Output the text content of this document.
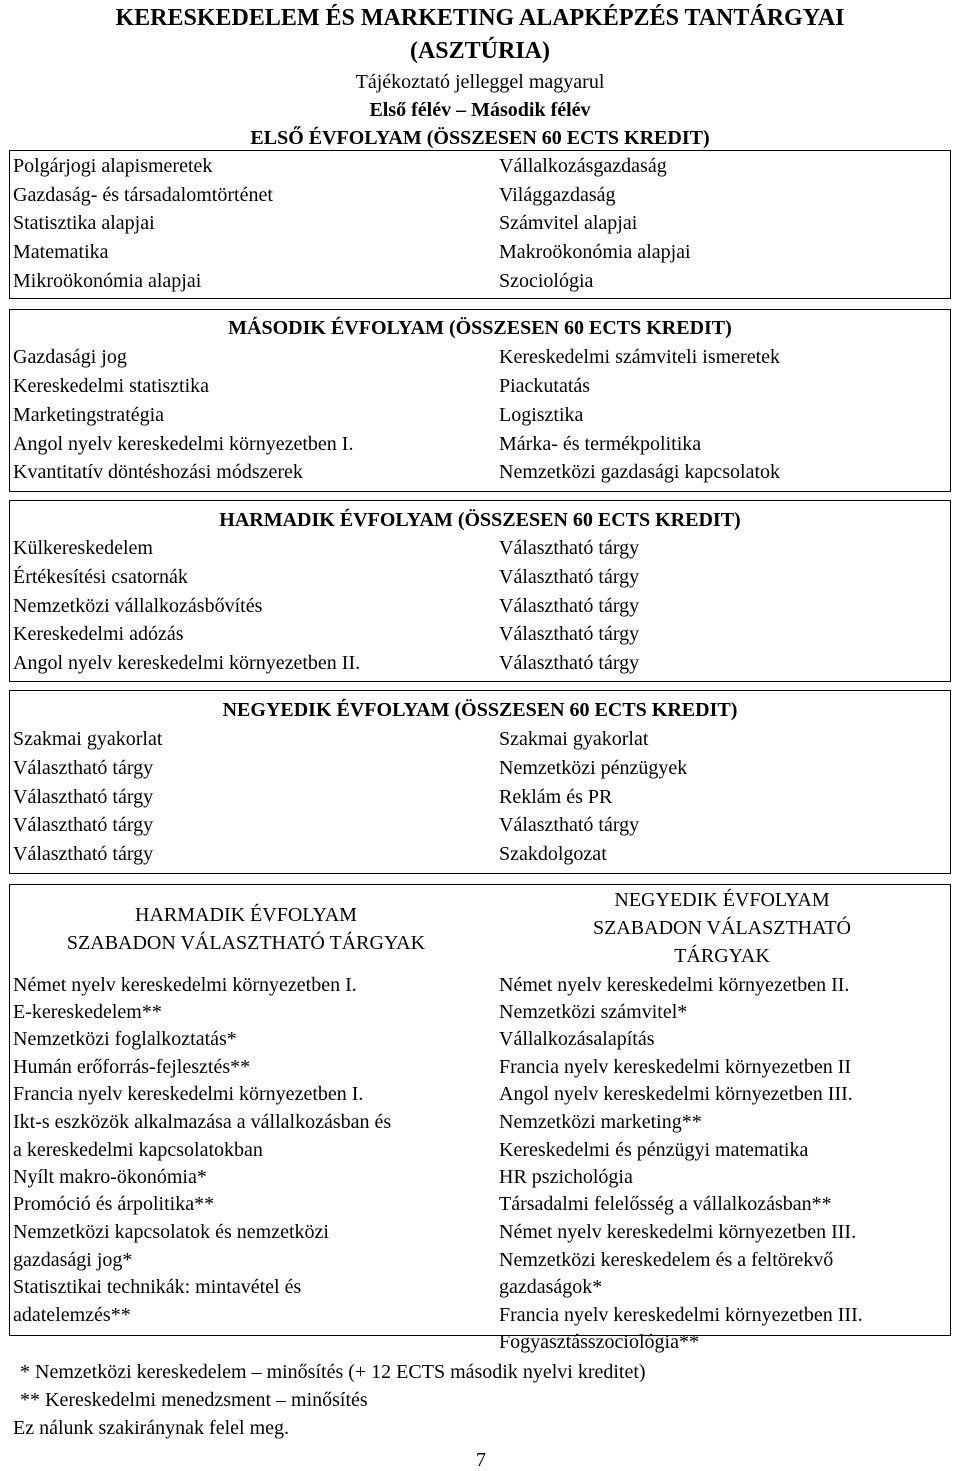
KERESKEDELEM ÉS MARKETING ALAPKÉPZÉS TANTÁRGYAI
(ASZTÚRIA)
Tájékoztató jelleggel magyarul
Első félév – Második félév
ELSŐ ÉVFOLYAM (ÖSSZESEN 60 ECTS KREDIT)
Polgárjogi alapismeretek
Gazdaság- és társadalomtörténet
Statisztika alapjai
Matematika
Mikroökonómia alapjai
Vállalkozásgazdaság
Világgazdaság
Számvitel alapjai
Makroökonómia alapjai
Szociológia
MÁSODIK ÉVFOLYAM (ÖSSZESEN 60 ECTS KREDIT)
Gazdasági jog
Kereskedelmi statisztika
Marketingstratégia
Angol nyelv kereskedelmi környezetben I.
Kvantitatív döntéshozási módszerek
Kereskedelmi számviteli ismeretek
Piackutatás
Logisztika
Márka- és termékpolitika
Nemzetközi gazdasági kapcsolatok
HARMADIK ÉVFOLYAM (ÖSSZESEN 60 ECTS KREDIT)
Külkereskedelem
Értékesítési csatornák
Nemzetközi vállalkozásbővítés
Kereskedelmi adózás
Angol nyelv kereskedelmi környezetben II.
Választható tárgy
Választható tárgy
Választható tárgy
Választható tárgy
Választható tárgy
NEGYEDIK ÉVFOLYAM (ÖSSZESEN 60 ECTS KREDIT)
Szakmai gyakorlat
Választható tárgy
Választható tárgy
Választható tárgy
Választható tárgy
Szakmai gyakorlat
Nemzetközi pénzügyek
Reklám és PR
Választható tárgy
Szakdolgozat
HARMADIK ÉVFOLYAM
SZABADON VÁLASZTHATÓ TÁRGYAK
NEGYEDIK ÉVFOLYAM
SZABADON VÁLASZTHATÓ
TÁRGYAK
Német nyelv kereskedelmi környezetben I.
E-kereskedelem**
Nemzetközi foglalkoztatás*
Humán erőforrás-fejlesztés**
Francia nyelv kereskedelmi környezetben I.
Ikt-s eszközök alkalmazása a vállalkozásban és
a kereskedelmi kapcsolatokban
Nyílt makro-ökonómia*
Promóció és árpolitika**
Nemzetközi kapcsolatok és nemzetközi
gazdasági jog*
Statisztikai technikák: mintavétel és
adatelemzés**
Német nyelv kereskedelmi környezetben II.
Nemzetközi számvitel*
Vállalkozásalapítás
Francia nyelv kereskedelmi környezetben II
Angol nyelv kereskedelmi környezetben III.
Nemzetközi marketing**
Kereskedelmi és pénzügyi matematika
HR pszichológia
Társadalmi felelősség a vállalkozásban**
Német nyelv kereskedelmi környezetben III.
Nemzetközi kereskedelem és a feltörekvő
gazdaságok*
Francia nyelv kereskedelmi környezetben III.
Fogyasztásszociológia**
* Nemzetközi kereskedelem – minősítés (+ 12 ECTS második nyelvi kreditet)
** Kereskedelmi menedzsment – minősítés
Ez nálunk szakiránynak felel meg.
7
